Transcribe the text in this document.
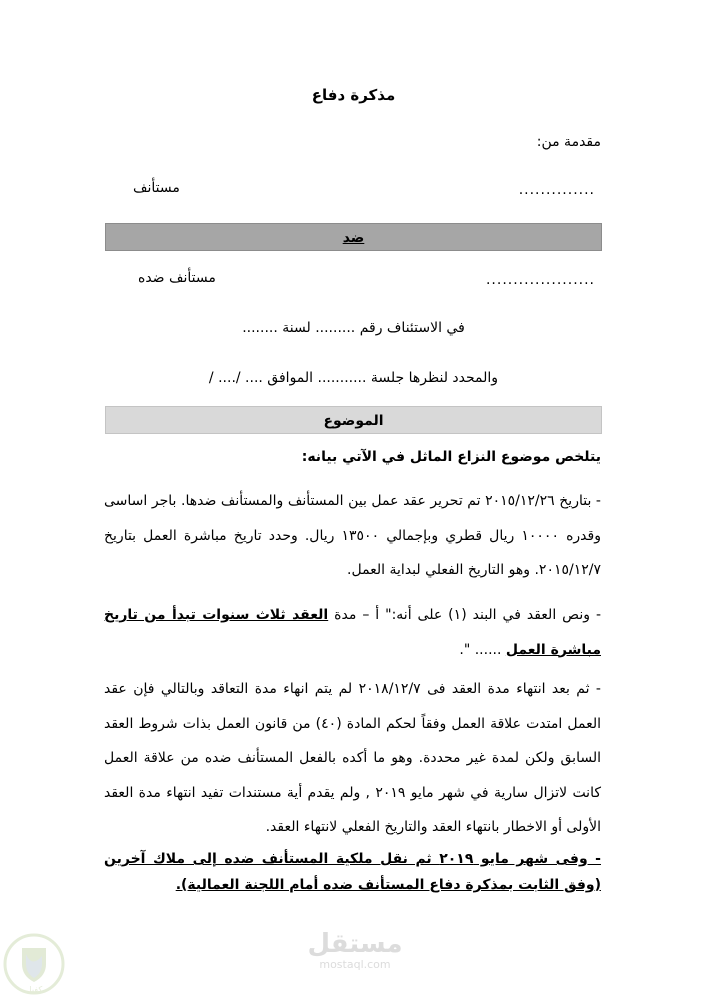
مذكرة دفاع
مقدمة من:
..............
مستأنف
ضد
....................
مستأنف ضده
في الاستئناف رقم ......... لسنة ........
والمحدد لنظرها جلسة ........... الموافق .... /.... /
الموضوع
يتلخص موضوع النزاع الماثل في الآتي بيانه:
- بتاريخ ٢٠١٥/١٢/٢٦ تم تحرير عقد عمل بين المستأنف والمستأنف ضدها. باجر اساسى وقدره ١٠٠٠٠ ريال قطري وبإجمالي ١٣٥٠٠ ريال. وحدد تاريخ مباشرة العمل بتاريخ ٢٠١٥/١٢/٧. وهو التاريخ الفعلي لبداية العمل.
- ونص العقد في البند (١) على أنه:" أ – مدة العقد ثلاث سنوات تبدأ من تاريخ مباشرة العمل ...... ".
- ثم بعد انتهاء مدة العقد فى ٢٠١٨/١٢/٧ لم يتم انهاء مدة التعاقد وبالتالي فإن عقد العمل امتدت علاقة العمل وفقاً لحكم المادة (٤٠) من قانون العمل بذات شروط العقد السابق ولكن لمدة غير محددة. وهو ما أكده بالفعل المستأنف ضده من علاقة العمل كانت لاتزال سارية في شهر مايو ٢٠١٩ , ولم يقدم أية مستندات تفيد انتهاء مدة العقد الأولى أو الاخطار بانتهاء العقد والتاريخ الفعلي لانتهاء العقد.
- وفى شهر مايو ٢٠١٩ ثم نقل ملكية المستأنف ضده إلى ملاك آخرين (وفق الثابت بمذكرة دفاع المستأنف ضده أمام اللجنة العمالية).
كفيل
مستقل
mostaql.com
